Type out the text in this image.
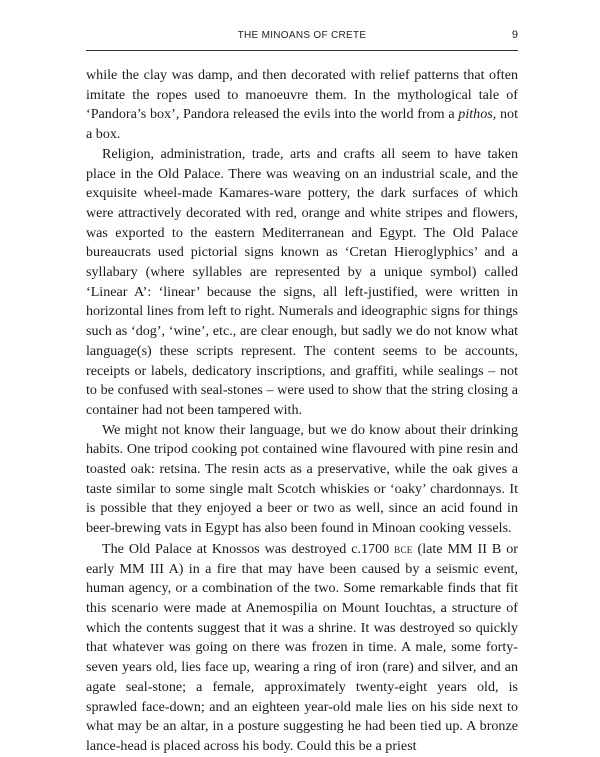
THE MINOANS OF CRETE	9

while the clay was damp, and then decorated with relief patterns that often imitate the ropes used to manoeuvre them. In the mythological tale of ‘Pandora’s box’, Pandora released the evils into the world from a pithos, not a box.

Religion, administration, trade, arts and crafts all seem to have taken place in the Old Palace. There was weaving on an industrial scale, and the exquisite wheel-made Kamares-ware pottery, the dark surfaces of which were attractively decorated with red, orange and white stripes and flowers, was exported to the eastern Mediterranean and Egypt. The Old Palace bureaucrats used pictorial signs known as ‘Cretan Hieroglyphics’ and a syllabary (where syllables are represented by a unique symbol) called ‘Linear A’: ‘linear’ because the signs, all left-justified, were written in horizontal lines from left to right. Numerals and ideographic signs for things such as ‘dog’, ‘wine’, etc., are clear enough, but sadly we do not know what language(s) these scripts represent. The content seems to be accounts, receipts or labels, dedicatory inscriptions, and graffiti, while sealings – not to be confused with seal-stones – were used to show that the string closing a container had not been tampered with.

We might not know their language, but we do know about their drinking habits. One tripod cooking pot contained wine flavoured with pine resin and toasted oak: retsina. The resin acts as a preservative, while the oak gives a taste similar to some single malt Scotch whiskies or ‘oaky’ chardonnays. It is possible that they enjoyed a beer or two as well, since an acid found in beer-brewing vats in Egypt has also been found in Minoan cooking vessels.

The Old Palace at Knossos was destroyed c.1700 bce (late MM II B or early MM III A) in a fire that may have been caused by a seismic event, human agency, or a combination of the two. Some remarkable finds that fit this scenario were made at Anemospilia on Mount Iouchtas, a structure of which the contents suggest that it was a shrine. It was destroyed so quickly that whatever was going on there was frozen in time. A male, some forty-seven years old, lies face up, wearing a ring of iron (rare) and silver, and an agate seal-stone; a female, approximately twenty-eight years old, is sprawled face-down; and an eighteen year-old male lies on his side next to what may be an altar, in a posture suggesting he had been tied up. A bronze lance-head is placed across his body. Could this be a priest
